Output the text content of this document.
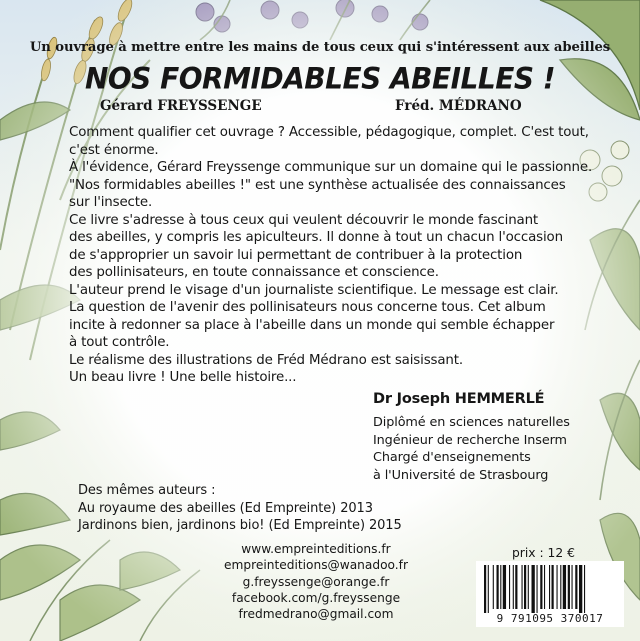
Un ouvrage à mettre entre les mains de tous ceux qui s'intéressent aux abeilles
NOS FORMIDABLES ABEILLES !
Gérard FREYSSENGE	Fréd. MÉDRANO
Comment qualifier cet ouvrage ? Accessible, pédagogique, complet. C'est tout,
c'est énorme.
À l'évidence, Gérard Freyssenge communique sur un domaine qui le passionne.
"Nos formidables abeilles !" est une synthèse actualisée des connaissances
sur l'insecte.
Ce livre s'adresse à tous ceux qui veulent découvrir le monde fascinant
des abeilles, y compris les apiculteurs. Il donne à tout un chacun l'occasion
de s'approprier un savoir lui permettant de contribuer à la protection
des pollinisateurs, en toute connaissance et conscience.
L'auteur prend le visage d'un journaliste scientifique. Le message est clair.
La question de l'avenir des pollinisateurs nous concerne tous. Cet album
incite à redonner sa place à l'abeille dans un monde qui semble échapper
à tout contrôle.
Le réalisme des illustrations de Fréd Médrano est saisissant.
Un beau livre ! Une belle histoire...
Dr Joseph HEMMERLÉ
Diplômé en sciences naturelles
Ingénieur de recherche Inserm
Chargé d'enseignements
à l'Université de Strasbourg
Des mêmes auteurs :
Au royaume des abeilles (Ed Empreinte) 2013
Jardinons bien, jardinons bio! (Ed Empreinte) 2015
www.empreinteditions.fr
empreinteditions@wanadoo.fr
g.freyssenge@orange.fr
facebook.com/g.freyssenge
fredmedrano@gmail.com
prix : 12 €
9 791095 370017
